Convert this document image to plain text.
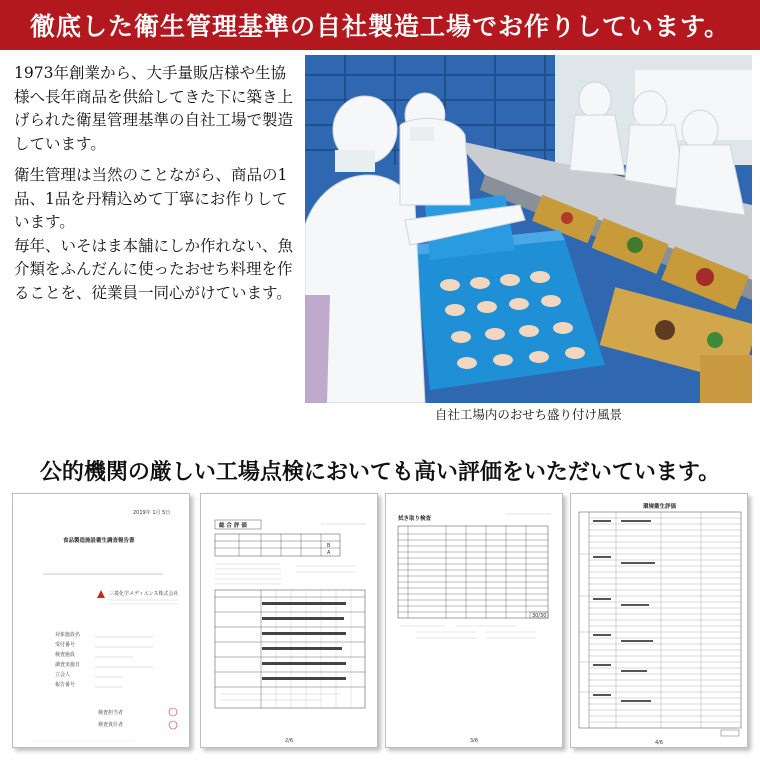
徹底した衛生管理基準の自社製造工場でお作りしています。

1973年創業から、大手量販店様や生協様へ長年商品を供給してきた下に築き上げられた衛星管理基準の自社工場で製造しています。

衛生管理は当然のことながら、商品の1品、1品を丹精込めて丁寧にお作りしています。

毎年、いそはま本舗にしか作れない、魚介類をふんだんに使ったおせち料理を作ることを、従業員一同心がけています。

自社工場内のおせち盛り付け風景
公的機関の厳しい工場点検においても高い評価をいただいています。
2019年 1月 5日
食品製造施設衛生調査報告書
三菱化学メディエンス株式会社
対象施設名
受付番号
検査施設
調査実施日
立会人
報告番号
検査担当者
検査責任者
総 合 評 価
B
A
2/6
拭き取り検査
30/30
3/6
環境衛生評価
4/6
